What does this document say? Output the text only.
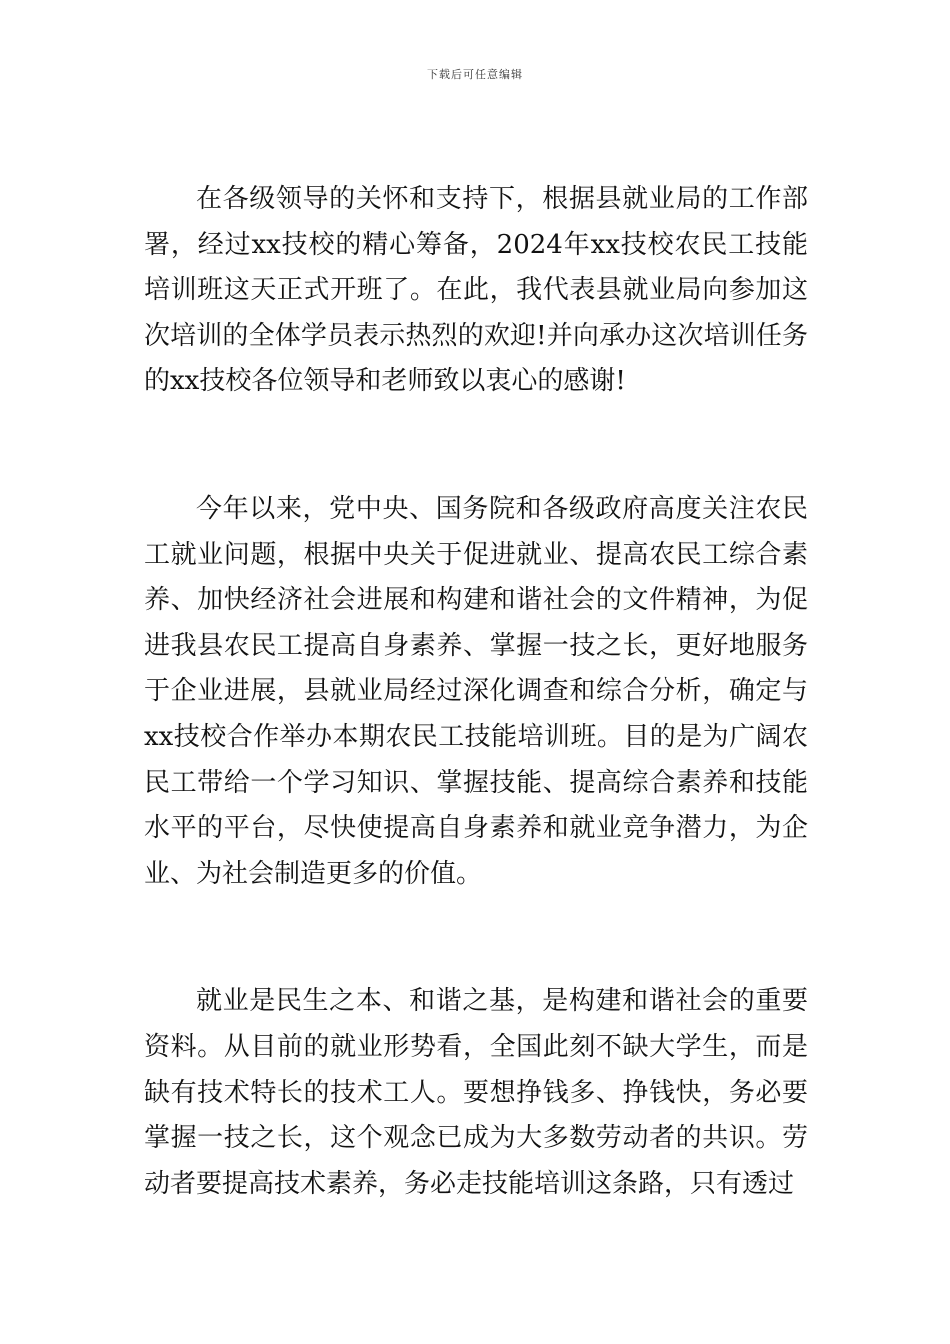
下载后可任意编辑

在各级领导的关怀和支持下，根据县就业局的工作部署，经过xx技校的精心筹备，2024年xx技校农民工技能培训班这天正式开班了。在此，我代表县就业局向参加这次培训的全体学员表示热烈的欢迎!并向承办这次培训任务的xx技校各位领导和老师致以衷心的感谢!

今年以来，党中央、国务院和各级政府高度关注农民工就业问题，根据中央关于促进就业、提高农民工综合素养、加快经济社会进展和构建和谐社会的文件精神，为促进我县农民工提高自身素养、掌握一技之长，更好地服务于企业进展，县就业局经过深化调查和综合分析，确定与xx技校合作举办本期农民工技能培训班。目的是为广阔农民工带给一个学习知识、掌握技能、提高综合素养和技能水平的平台，尽快使提高自身素养和就业竞争潜力，为企业、为社会制造更多的价值。

就业是民生之本、和谐之基，是构建和谐社会的重要资料。从目前的就业形势看，全国此刻不缺大学生，而是缺有技术特长的技术工人。要想挣钱多、挣钱快，务必要掌握一技之长，这个观念已成为大多数劳动者的共识。劳动者要提高技术素养，务必走技能培训这条路，只有透过
